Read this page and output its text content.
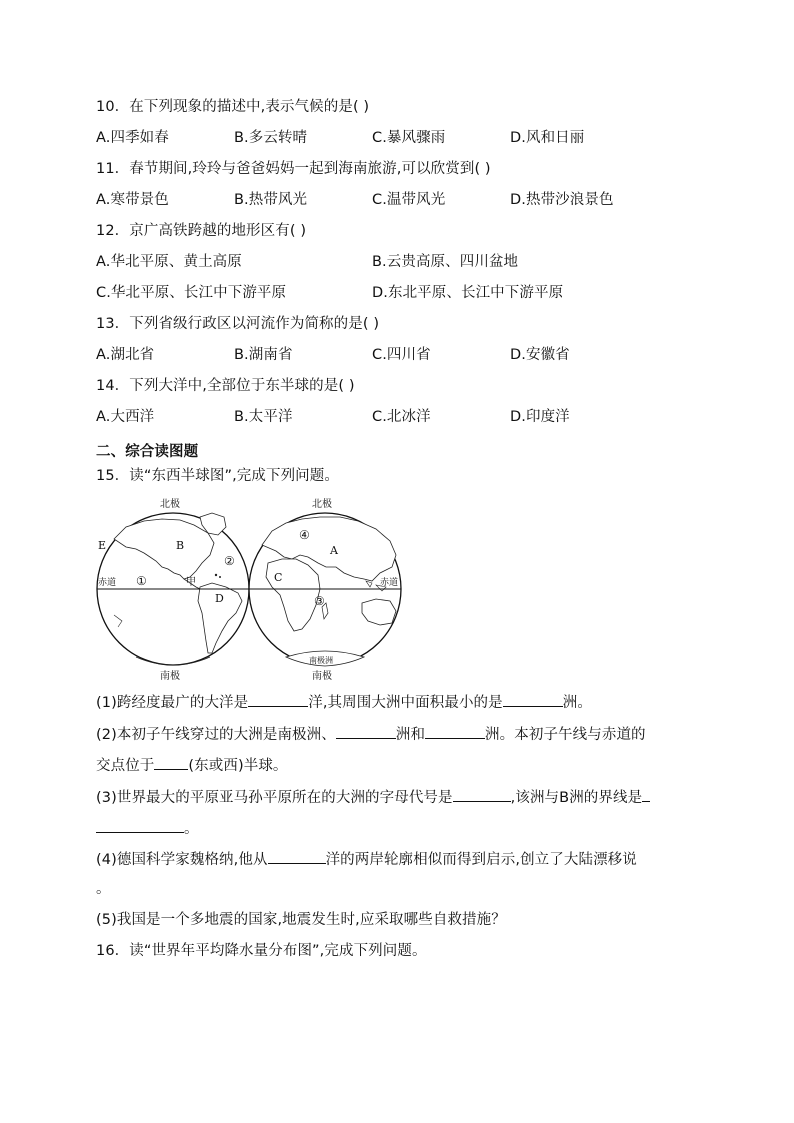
10．在下列现象的描述中,表示气候的是( )
A.四季如春	B.多云转晴	C.暴风骤雨	D.风和日丽
11．春节期间,玲玲与爸爸妈妈一起到海南旅游,可以欣赏到( )
A.寒带景色	B.热带风光	C.温带风光	D.热带沙浪景色
12．京广高铁跨越的地形区有( )
A.华北平原、黄土高原	B.云贵高原、四川盆地
C.华北平原、长江中下游平原	D.东北平原、长江中下游平原
13．下列省级行政区以河流作为简称的是( )
A.湖北省	B.湖南省	C.四川省	D.安徽省
14．下列大洋中,全部位于东半球的是( )
A.大西洋	B.太平洋	C.北冰洋	D.印度洋
二、综合读图题
15．读“东西半球图”,完成下列问题。
北极	北极
南极	南极
南极洲
赤道	赤道
B
D
E
甲
①
②
A
C
③
④
(1)跨经度最广的大洋是	洋,其周围大洲中面积最小的是	洲。
(2)本初子午线穿过的大洲是南极洲、	洲和	洲。本初子午线与赤道的
交点位于 (东或西)半球。
(3)世界最大的平原亚马孙平原所在的大洲的字母代号是	,该洲与B洲的界线是
。
(4)德国科学家魏格纳,他从	洋的两岸轮廓相似而得到启示,创立了大陆漂移说
。
(5)我国是一个多地震的国家,地震发生时,应采取哪些自救措施？
16．读“世界年平均降水量分布图”,完成下列问题。
